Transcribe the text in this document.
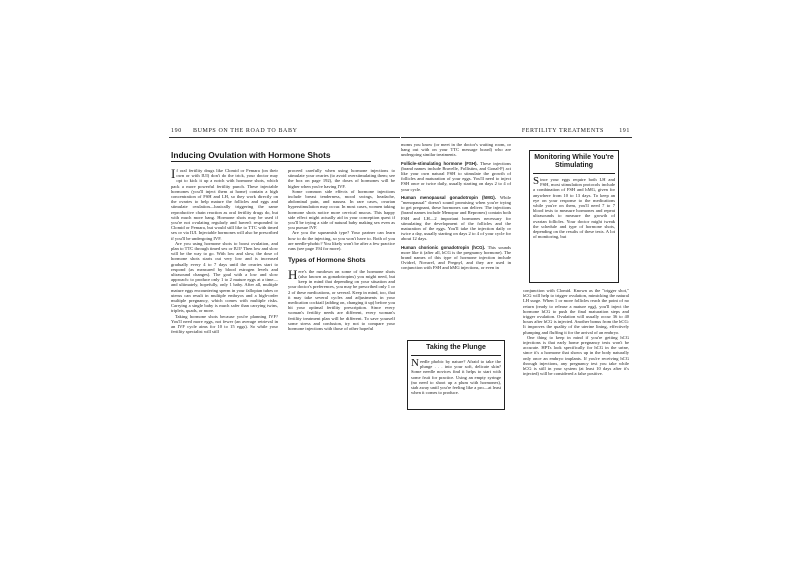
190 BUMPS ON THE ROAD TO BABY
Inducing Ovulation with Hormone Shots

If oral fertility drugs like Clomid or Femara (on their own or with IUI) don't do the trick, your doctor may opt to kick it up a notch with hormone shots, which pack a more powerful fertility punch. These injectable hormones (you'll inject them at home) contain a high concentration of FSH and LH, so they work directly on the ovaries to help mature the follicles and eggs and stimulate ovulation—basically triggering the same reproductive chain reaction as oral fertility drugs do, but with much more bang. Hormone shots may be used if you're not ovulating regularly and haven't responded to Clomid or Femara, but would still like to TTC with timed sex or via IUI. Injectable hormones will also be prescribed if you'll be undergoing IVF.

Are you using hormone shots to boost ovulation, and plan to TTC through timed sex or IUI? Then low and slow will be the way to go. With low and slow, the dose of hormone shots starts out very low and is increased gradually every 4 to 7 days until the ovaries start to respond (as measured by blood estrogen levels and ultrasound changes). The goal with a low and slow approach: to produce only 1 to 2 mature eggs at a time—and ultimately, hopefully, only 1 baby. After all, multiple mature eggs encountering sperm in your fallopian tubes or uterus can result in multiple embryos and a high-order multiple pregnancy, which comes with multiple risks. Carrying a single baby is much safer than carrying twins, triplets, quads, or more.

Taking hormone shots because you're planning IVF? You'll need more eggs, not fewer (an average retrieval in an IVF cycle aims for 10 to 15 eggs). So while your fertility specialist will still

proceed carefully when using hormone injections to stimulate your ovaries (to avoid overstimulating them; see the box on page 192), the doses of hormones will be higher when you're having IVF.

Some common side effects of hormone injections include breast tenderness, mood swings, headache, abdominal pain, and nausea. In rare cases, ovarian hyperstimulation may occur. In most cases, women taking hormone shots notice more cervical mucus. This happy side effect might actually aid in your conception quest if you'll be trying a side of natural baby making sex even as you pursue IVF.

Are you the squeamish type? Your partner can learn how to do the injecting, so you won't have to. Both of you are needle-phobic? You likely won't be after a few practice runs (see page 194 for more).

Types of Hormone Shots

Here's the rundown on some of the hormone shots (also known as gonadotropins) you might need, but keep in mind that depending on your situation and your doctor's preferences, you may be prescribed only 1 or 2 of these medications, or several. Keep in mind, too, that it may take several cycles and adjustments in your medication cocktail (adding on, changing it up) before you hit your optimal fertility prescription. Since every woman's fertility needs are different, every woman's fertility treatment plan will be different. To save yourself some stress and confusion, try not to compare your hormone injections with those of other hopeful

FERTILITY TREATMENTS	191

moms you know (or meet in the doctor's waiting room, or hang out with on your TTC message board) who are undergoing similar treatments.

Follicle-stimulating hormone (FSH). These injections (brand names include Bravelle, Follistim, and Gonal-F) act like your own natural FSH to stimulate the growth of follicles and maturation of your eggs. You'll need to inject FSH once or twice daily, usually starting on days 2 to 4 of your cycle.

Human menopausal gonadotropin (hMG). While "menopausal" doesn't sound promising when you're trying to get pregnant, these hormones can deliver. The injections (brand names include Menopur and Repronex) contain both FSH and LH—2 important hormones necessary for stimulating the development of the follicles and the maturation of the eggs. You'll take the injection daily or twice a day, usually starting on days 2 to 4 of your cycle for about 12 days.

Human chorionic gonadotropin (hCG). This sounds more like it (after all, hCG is the pregnancy hormone). The brand names of this type of hormone injection include Ovidrel, Novarel, and Pregnyl, and they are used in conjunction with FSH and hMG injections, or even in

Taking the Plunge
Needle phobic by nature? Afraid to take the plunge . . . into your soft, delicate skin? Some needle novices find it helps to start with some fruit for practice. Using an empty syringe (no need to shoot up a plum with hormones), stab away until you're feeling like a pro—at least when it comes to produce.
Monitoring While You're Stimulating
Since your eggs require both LH and FSH, most stimulation protocols include a combination of FSH and hMG, given for anywhere from 10 to 13 days. To keep an eye on your response to the medications while you're on them, you'll need 7 to 7 blood tests to measure hormones and repeat ultrasounds to measure the growth of ovarian follicles. Your doctor might tweak the schedule and type of hormone shots, depending on the results of these tests. A lot of monitoring, but

conjunction with Clomid. Known as the "trigger shot," hCG will help to trigger ovulation, mimicking the natural LH surge. When 1 or more follicles reach the point of no return (ready to release a mature egg), you'll inject the hormone hCG to push the final maturation steps and trigger ovulation. Ovulation will usually occur 36 to 40 hours after hCG is injected. Another bonus from the hCG: It improves the quality of the uterine lining, effectively plumping and fluffing it for the arrival of an embryo.

One thing to keep in mind if you're getting hCG injections is that early home pregnancy tests won't be accurate. HPTs look specifically for hCG in the urine, since it's a hormone that shows up in the body naturally only once an embryo implants. If you're receiving hCG through injections, any pregnancy test you take while hCG is still in your system (at least 10 days after it's injected) will be considered a false positive.
